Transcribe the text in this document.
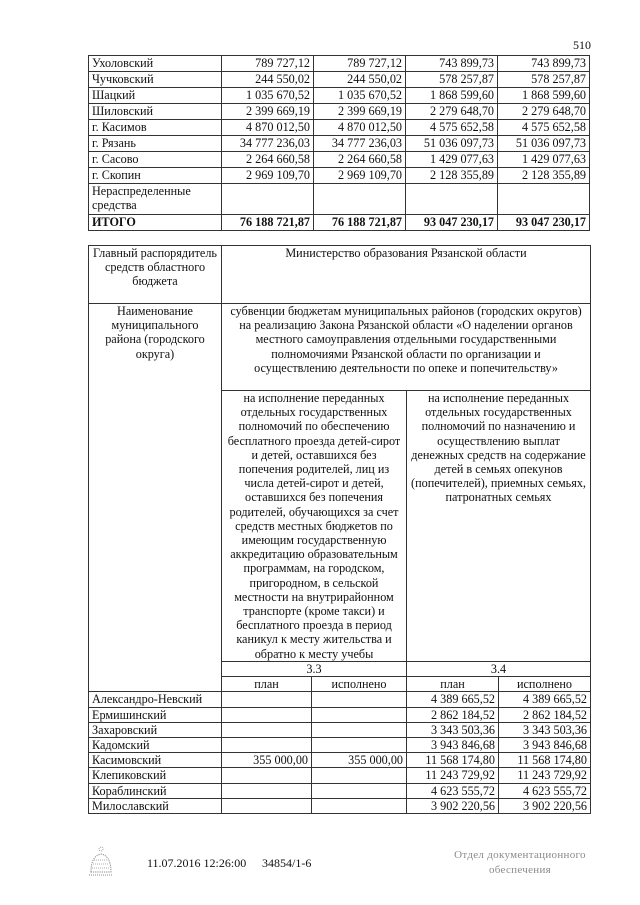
510
Ухоловский	789 727,12	789 727,12	743 899,73	743 899,73
Чучковский	244 550,02	244 550,02	578 257,87	578 257,87
Шацкий	1 035 670,52	1 035 670,52	1 868 599,60	1 868 599,60
Шиловский	2 399 669,19	2 399 669,19	2 279 648,70	2 279 648,70
г. Касимов	4 870 012,50	4 870 012,50	4 575 652,58	4 575 652,58
г. Рязань	34 777 236,03	34 777 236,03	51 036 097,73	51 036 097,73
г. Сасово	2 264 660,58	2 264 660,58	1 429 077,63	1 429 077,63
г. Скопин	2 969 109,70	2 969 109,70	2 128 355,89	2 128 355,89
Нераспределенные средства				
ИТОГО	76 188 721,87	76 188 721,87	93 047 230,17	93 047 230,17
Главный распорядитель средств областного бюджета	Министерство образования Рязанской области			
Наименование муниципального района (городского округа)	субвенции бюджетам муниципальных районов (городских округов) на реализацию Закона Рязанской области «О наделении органов местного самоуправления отдельными государственными полномочиями Рязанской области по организации и осуществлению деятельности по опеке и попечительству»			
на исполнение переданных отдельных государственных полномочий по обеспечению бесплатного проезда детей-сирот и детей, оставшихся без попечения родителей, лиц из числа детей-сирот и детей, оставшихся без попечения родителей, обучающихся за счет средств местных бюджетов по имеющим государственную аккредитацию образовательным программам, на городском, пригородном, в сельской местности на внутрирайонном транспорте (кроме такси) и бесплатного проезда в период каникул к месту жительства и обратно к месту учебы	на исполнение переданных отдельных государственных полномочий по назначению и осуществлению выплат денежных средств на содержание детей в семьях опекунов (попечителей), приемных семьях, патронатных семьях
	3.3		3.4	
	план	исполнено	план	исполнено
Александро-Невский			4 389 665,52	4 389 665,52
Ермишинский			2 862 184,52	2 862 184,52
Захаровский			3 343 503,36	3 343 503,36
Кадомский			3 943 846,68	3 943 846,68
Касимовский	355 000,00	355 000,00	11 568 174,80	11 568 174,80
Клепиковский			11 243 729,92	11 243 729,92
Кораблинский			4 623 555,72	4 623 555,72
Милославский			3 902 220,56	3 902 220,56
11.07.2016 12:26:00 34854/1-6
Отдел документационного
обеспечения
